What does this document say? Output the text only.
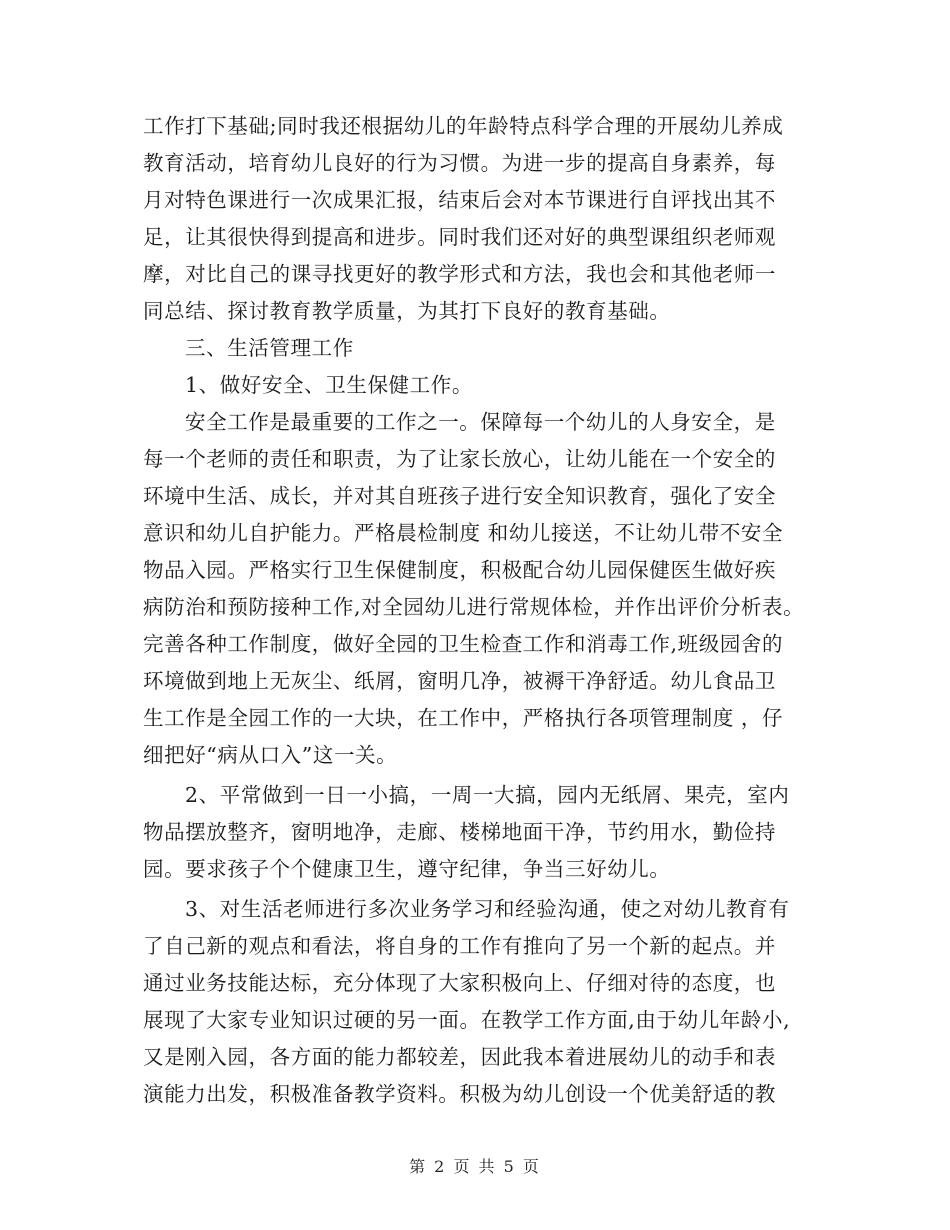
工作打下基础;同时我还根据幼儿的年龄特点科学合理的开展幼儿养成
教育活动，培育幼儿良好的行为习惯。为进一步的提高自身素养，每
月对特色课进行一次成果汇报，结束后会对本节课进行自评找出其不
足，让其很快得到提高和进步。同时我们还对好的典型课组织老师观
摩，对比自己的课寻找更好的教学形式和方法，我也会和其他老师一
同总结、探讨教育教学质量，为其打下良好的教育基础。
三、生活管理工作
1、做好安全、卫生保健工作。
安全工作是最重要的工作之一。保障每一个幼儿的人身安全，是
每一个老师的责任和职责，为了让家长放心，让幼儿能在一个安全的
环境中生活、成长，并对其自班孩子进行安全知识教育，强化了安全
意识和幼儿自护能力。严格晨检制度 和幼儿接送，不让幼儿带不安全
物品入园。严格实行卫生保健制度，积极配合幼儿园保健医生做好疾
病防治和预防接种工作,对全园幼儿进行常规体检，并作出评价分析表。
完善各种工作制度，做好全园的卫生检查工作和消毒工作,班级园舍的
环境做到地上无灰尘、纸屑，窗明几净，被褥干净舒适。幼儿食品卫
生工作是全园工作的一大块，在工作中，严格执行各项管理制度 ，仔
细把好“病从口入”这一关。
2、平常做到一日一小搞，一周一大搞，园内无纸屑、果壳，室内
物品摆放整齐，窗明地净，走廊、楼梯地面干净，节约用水，勤俭持
园。要求孩子个个健康卫生，遵守纪律，争当三好幼儿。
3、对生活老师进行多次业务学习和经验沟通，使之对幼儿教育有
了自己新的观点和看法，将自身的工作有推向了另一个新的起点。并
通过业务技能达标，充分体现了大家积极向上、仔细对待的态度，也
展现了大家专业知识过硬的另一面。在教学工作方面,由于幼儿年龄小,
又是刚入园，各方面的能力都较差，因此我本着进展幼儿的动手和表
演能力出发，积极准备教学资料。积极为幼儿创设一个优美舒适的教
第 2 页 共 5 页
